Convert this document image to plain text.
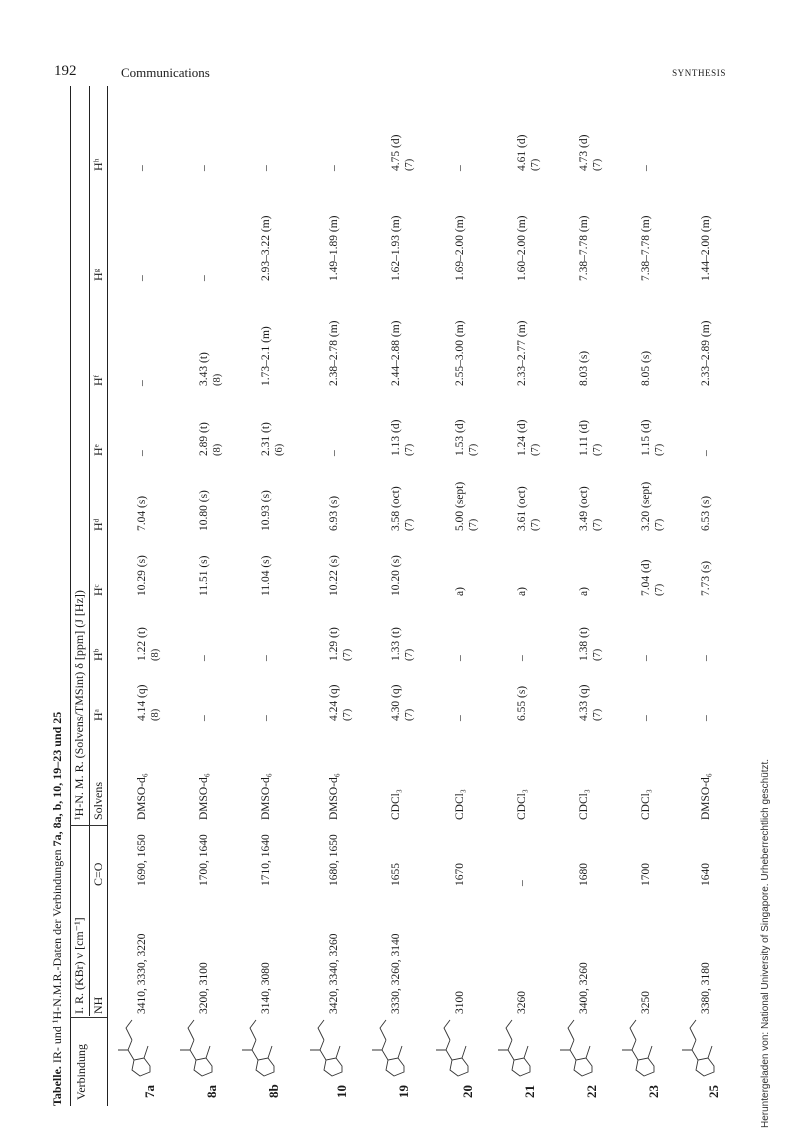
192	Communications	SYNTHESIS
Tabelle. IR- und ¹H-N.M.R.-Daten der Verbindungen 7a, 8a, b, 10, 19–23 und 25
Verbindung
I. R. (KBr) ν [cm⁻¹]
¹H-N. M. R. (Solvens/TMSint) δ [ppm] (J [Hz])
NH
C=O
Solvens
Hᵃ
Hᵇ
Hᶜ
Hᵈ
Hᵉ
Hᶠ
Hᵍ
Hʰ
7a
3410, 3330, 3220
1690, 1650
DMSO-d₆
4.14 (q) (8)
1.22 (t) (8)
10.29 (s)
7.04 (s)
–
–
–
–
8a
3200, 3100
1700, 1640
DMSO-d₆
–
–
11.51 (s)
10.80 (s)
2.89 (t) (8)
3.43 (t) (8)
–
–
8b
3140, 3080
1710, 1640
DMSO-d₆
–
–
11.04 (s)
10.93 (s)
2.31 (t) (6)
1.73–2.1 (m)
2.93–3.22 (m)
–
10
3420, 3340, 3260
1680, 1650
DMSO-d₆
4.24 (q) (7)
1.29 (t) (7)
10.22 (s)
6.93 (s)
–
2.38–2.78 (m)
1.49–1.89 (m)
–
19
3330, 3260, 3140
1655
CDCl₃
4.30 (q) (7)
1.33 (t) (7)
10.20 (s)
3.58 (oct) (7)
1.13 (d) (7)
2.44–2.88 (m)
1.62–1.93 (m)
4.75 (d) (7)
20
3100
1670
CDCl₃
–
–
a)
5.00 (sept) (7)
1.53 (d) (7)
2.55–3.00 (m)
1.69–2.00 (m)
–
21
3260
–
CDCl₃
6.55 (s)
–
a)
3.61 (oct) (7)
1.24 (d) (7)
2.33–2.77 (m)
1.60–2.00 (m)
4.61 (d) (7)
22
3400, 3260
1680
CDCl₃
4.33 (q) (7)
1.38 (t) (7)
a)
3.49 (oct) (7)
1.11 (d) (7)
8.03 (s)
7.38–7.78 (m)
4.73 (d) (7)
23
3250
1700
CDCl₃
–
–
7.04 (d) (7)
3.20 (sept) (7)
1.15 (d) (7)
8.05 (s)
7.38–7.78 (m)
–
25
3380, 3180
1640
DMSO-d₆
–
–
7.73 (s)
6.53 (s)
–
2.33–2.89 (m)
1.44–2.00 (m)
Heruntergeladen von: National University of Singapore. Urheberrechtlich geschützt.
